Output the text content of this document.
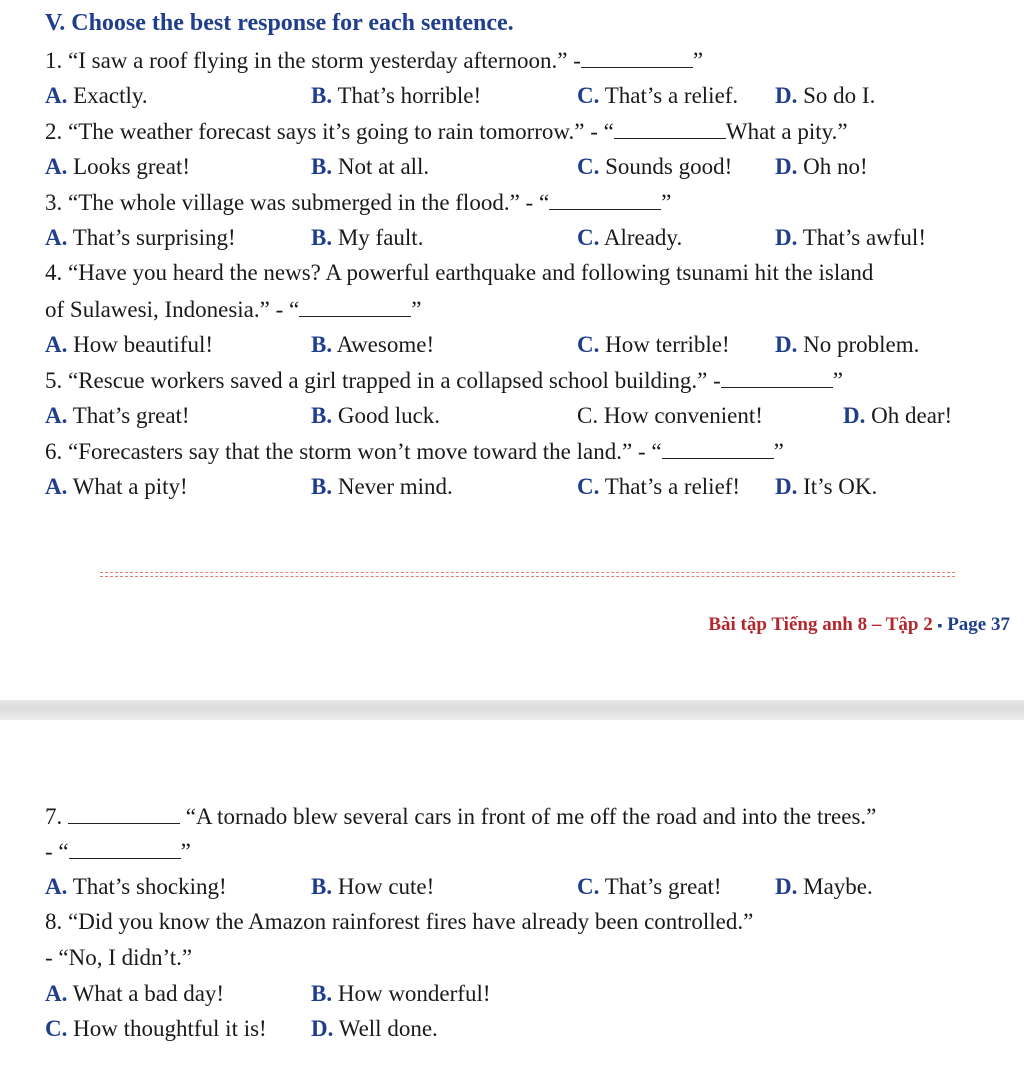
V. Choose the best response for each sentence.
1. “I saw a roof flying in the storm yesterday afternoon.” -	”
A. Exactly.	B. That’s horrible!	C. That’s a relief. D. So do I.
2. “The weather forecast says it’s going to rain tomorrow.” - “	What a pity.”
A. Looks great!	B. Not at all.	C. Sounds good! D. Oh no!
3. “The whole village was submerged in the flood.” - “	”
A. That’s surprising!	B. My fault.	C. Already.	D. That’s awful!
4. “Have you heard the news? A powerful earthquake and following tsunami hit the island
of Sulawesi, Indonesia.” - “	”
A. How beautiful!	B. Awesome!	C. How terrible! D. No problem.
5. “Rescue workers saved a girl trapped in a collapsed school building.” -	”
A. That’s great!	B. Good luck.	C. How convenient!	D. Oh dear!
6. “Forecasters say that the storm won’t move toward the land.” - “	”
A. What a pity!	B. Never mind.	C. That’s a relief! D. It’s OK.
Bài tập Tiếng anh 8 – Tập 2 ▪ Page 37
7.	“A tornado blew several cars in front of me off the road and into the trees.”
- “	”
A. That’s shocking!	B. How cute!	C. That’s great! D. Maybe.
8. “Did you know the Amazon rainforest fires have already been controlled.”
- “No, I didn’t.”
A. What a bad day!	B. How wonderful!
C. How thoughtful it is! D. Well done.
